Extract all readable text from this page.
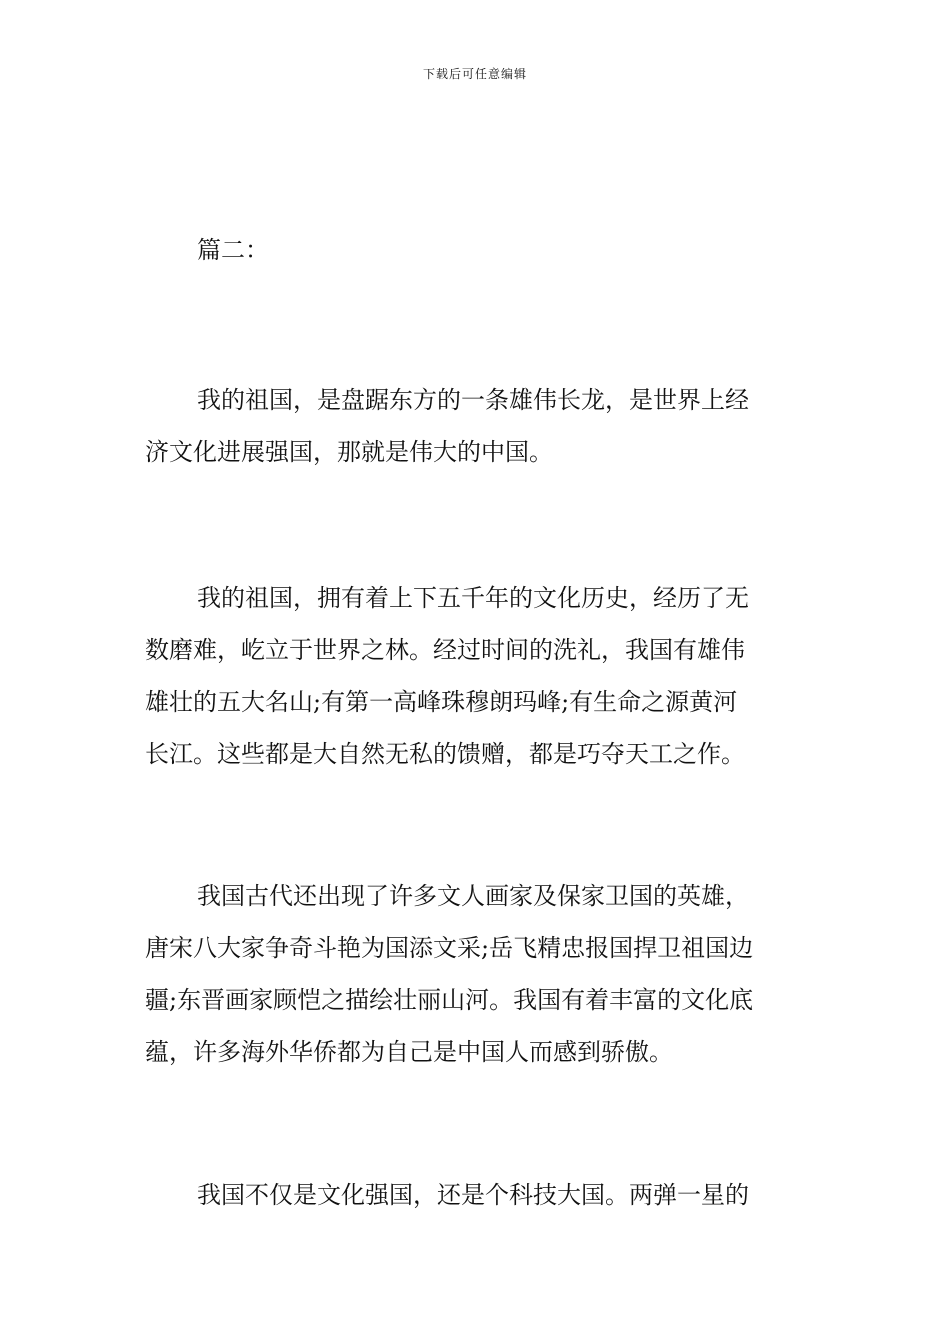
下载后可任意编辑
篇二：

我的祖国，是盘踞东方的一条雄伟长龙，是世界上经
济文化进展强国，那就是伟大的中国。

我的祖国，拥有着上下五千年的文化历史，经历了无
数磨难，屹立于世界之林。经过时间的洗礼，我国有雄伟
雄壮的五大名山;有第一高峰珠穆朗玛峰;有生命之源黄河
长江。这些都是大自然无私的馈赠，都是巧夺天工之作。

我国古代还出现了许多文人画家及保家卫国的英雄，
唐宋八大家争奇斗艳为国添文采;岳飞精忠报国捍卫祖国边
疆;东晋画家顾恺之描绘壮丽山河。我国有着丰富的文化底
蕴，许多海外华侨都为自己是中国人而感到骄傲。

我国不仅是文化强国，还是个科技大国。两弹一星的
